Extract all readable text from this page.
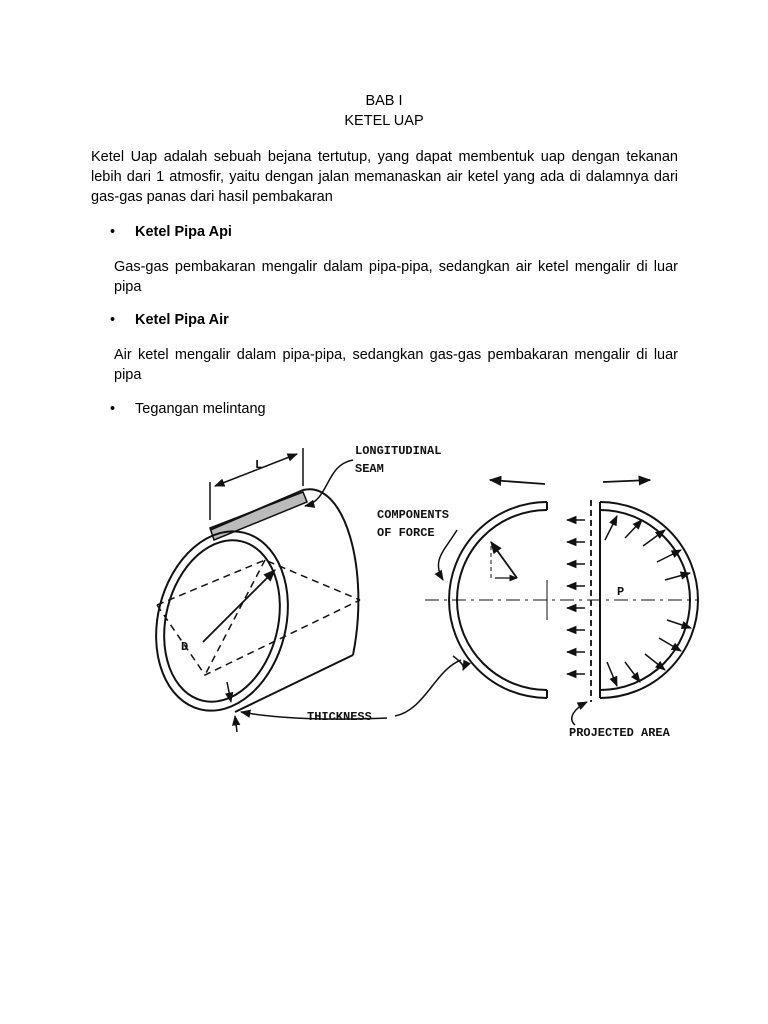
BAB I
KETEL UAP
Ketel Uap adalah sebuah bejana tertutup, yang dapat membentuk uap dengan tekanan lebih dari 1 atmosfir, yaitu dengan jalan memanaskan air ketel yang ada di dalamnya dari gas-gas panas dari hasil pembakaran
• Ketel Pipa Api
Gas-gas pembakaran mengalir dalam pipa-pipa, sedangkan air ketel mengalir di luar pipa
• Ketel Pipa Air
Air ketel mengalir dalam pipa-pipa, sedangkan gas-gas pembakaran mengalir di luar pipa
• Tegangan melintang
D
L
LONGITUDINAL
SEAM
THICKNESS
P
COMPONENTS
OF FORCE
PROJECTED AREA
